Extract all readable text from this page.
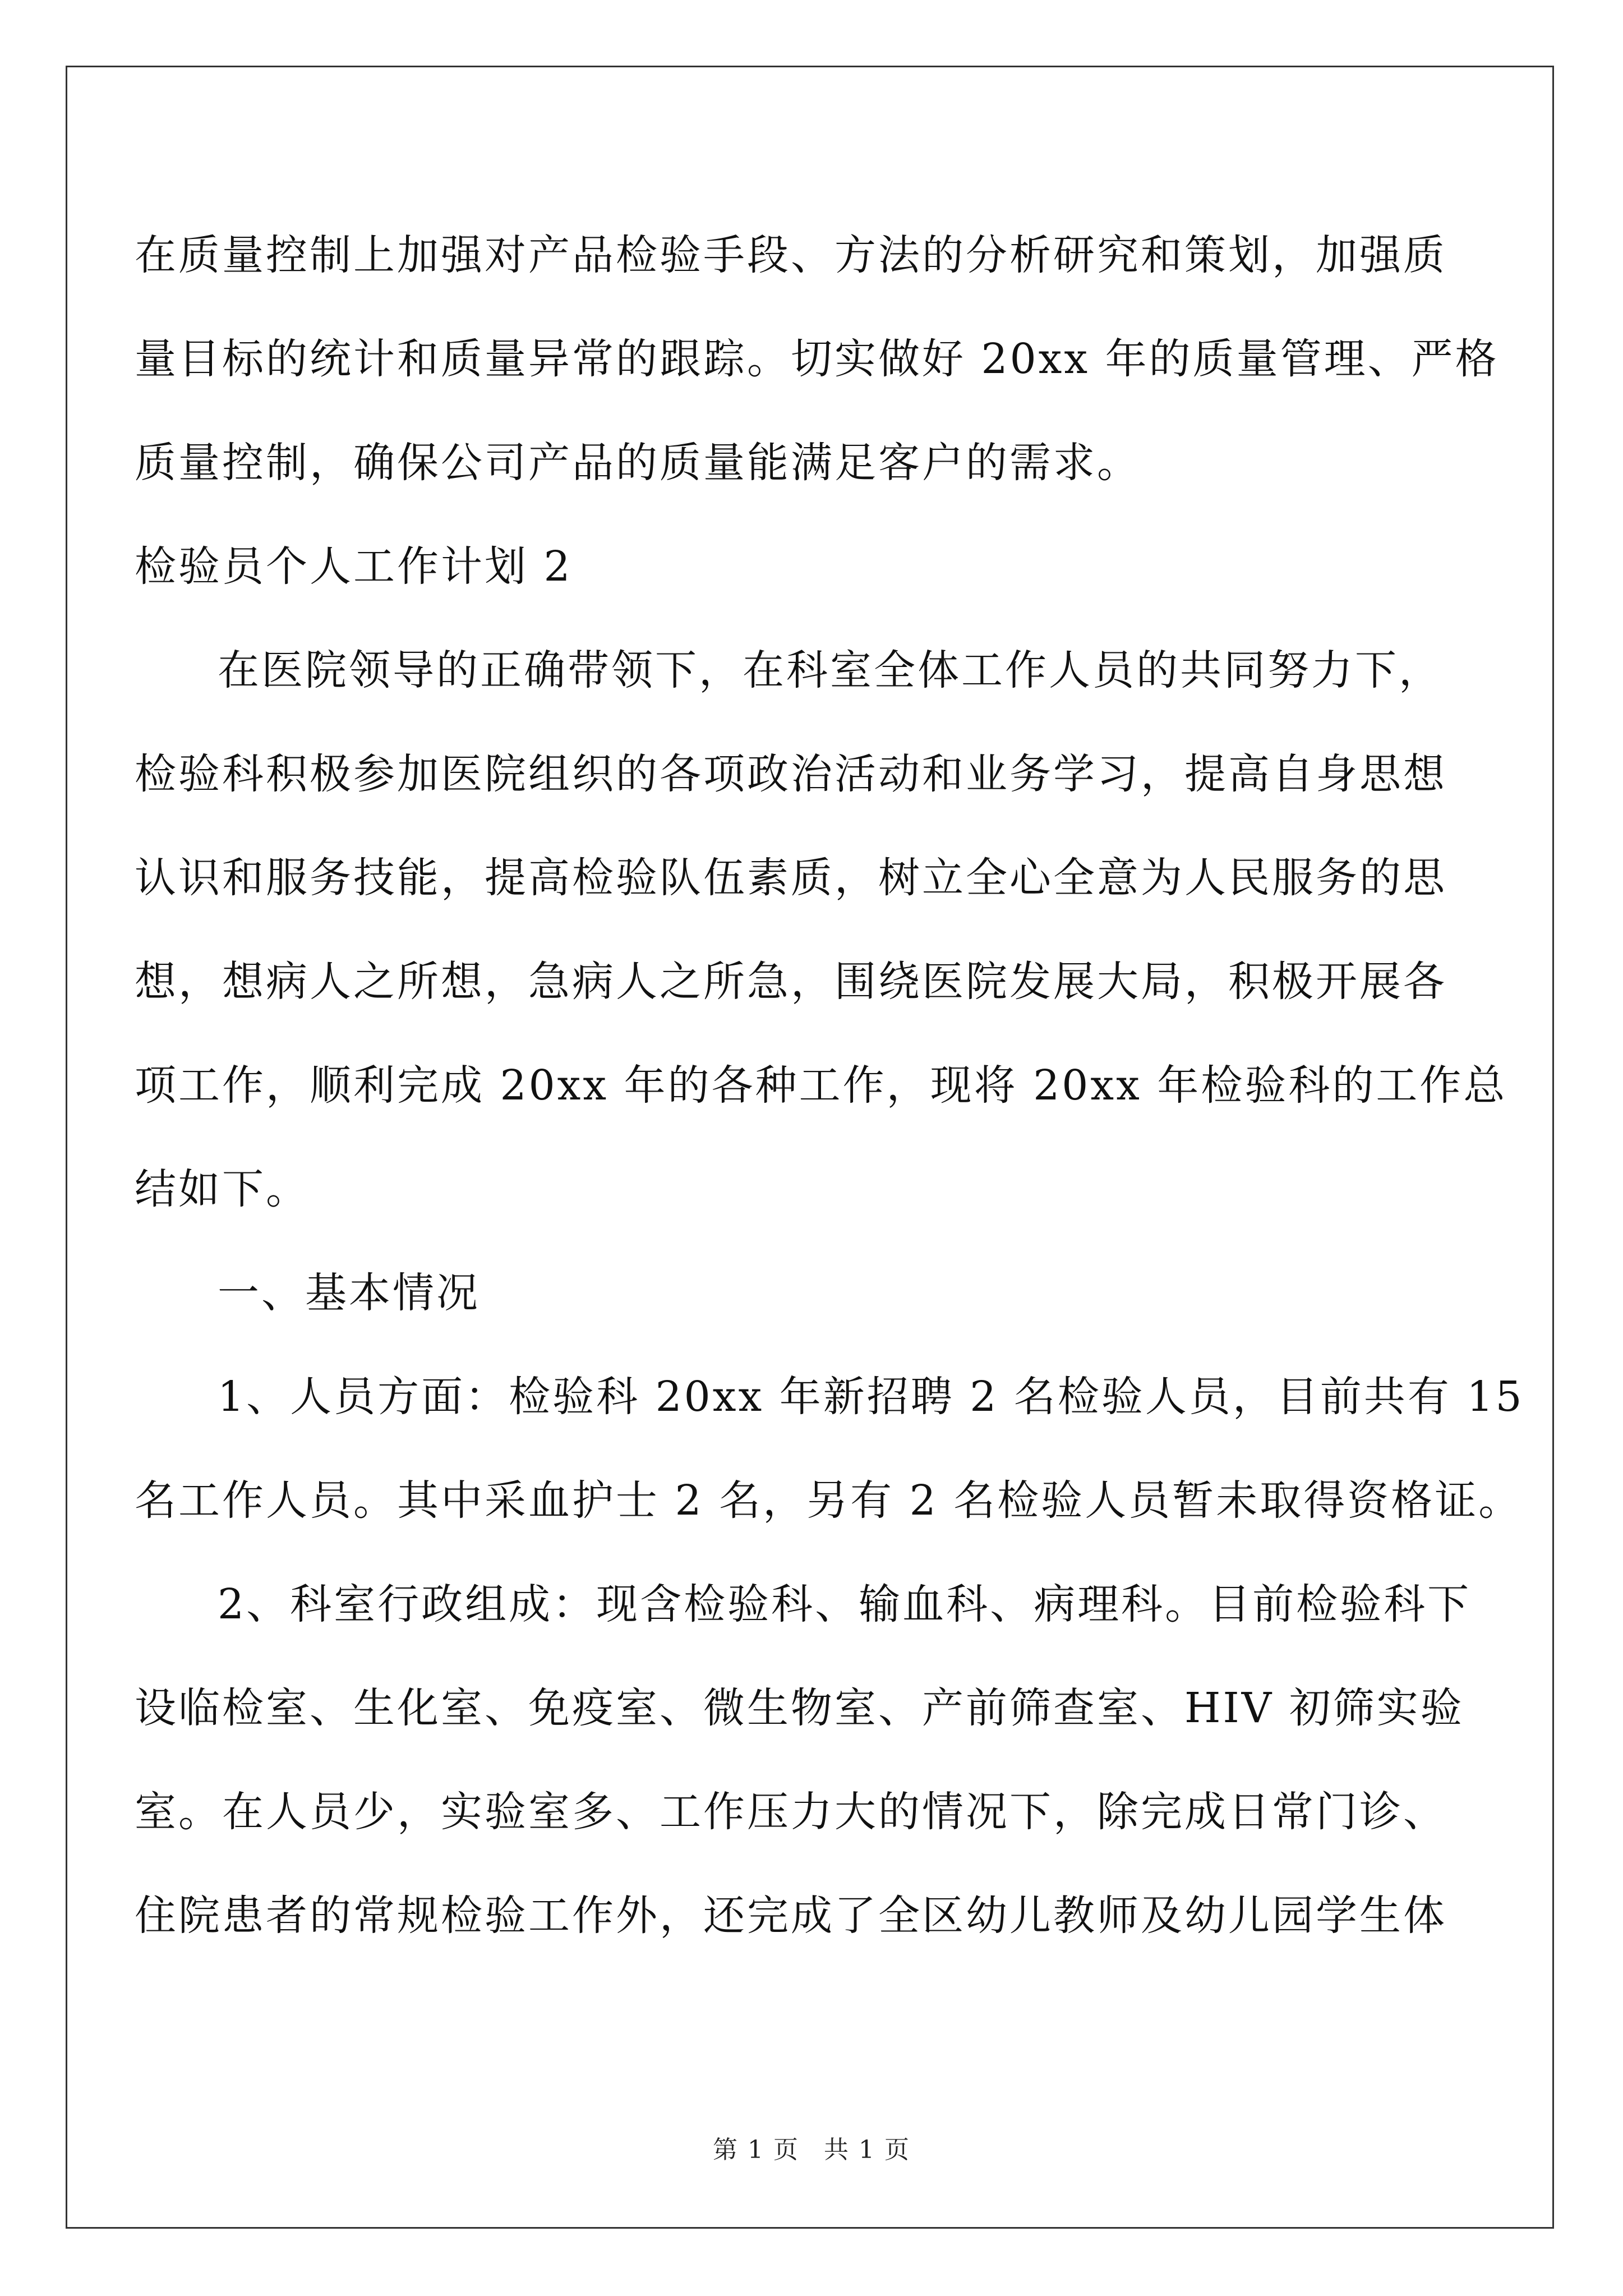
在质量控制上加强对产品检验手段、方法的分析研究和策划，加强质
量目标的统计和质量异常的跟踪。切实做好 20xx 年的质量管理、严格
质量控制，确保公司产品的质量能满足客户的需求。
检验员个人工作计划 2
在医院领导的正确带领下，在科室全体工作人员的共同努力下，
检验科积极参加医院组织的各项政治活动和业务学习，提高自身思想
认识和服务技能，提高检验队伍素质，树立全心全意为人民服务的思
想，想病人之所想，急病人之所急，围绕医院发展大局，积极开展各
项工作，顺利完成 20xx 年的各种工作，现将 20xx 年检验科的工作总
结如下。
一、基本情况
1、人员方面：检验科 20xx 年新招聘 2 名检验人员，目前共有 15
名工作人员。其中采血护士 2 名，另有 2 名检验人员暂未取得资格证。
2、科室行政组成：现含检验科、输血科、病理科。目前检验科下
设临检室、生化室、免疫室、微生物室、产前筛查室、HIV 初筛实验
室。在人员少，实验室多、工作压力大的情况下，除完成日常门诊、
住院患者的常规检验工作外，还完成了全区幼儿教师及幼儿园学生体
第 1 页 共 1 页
